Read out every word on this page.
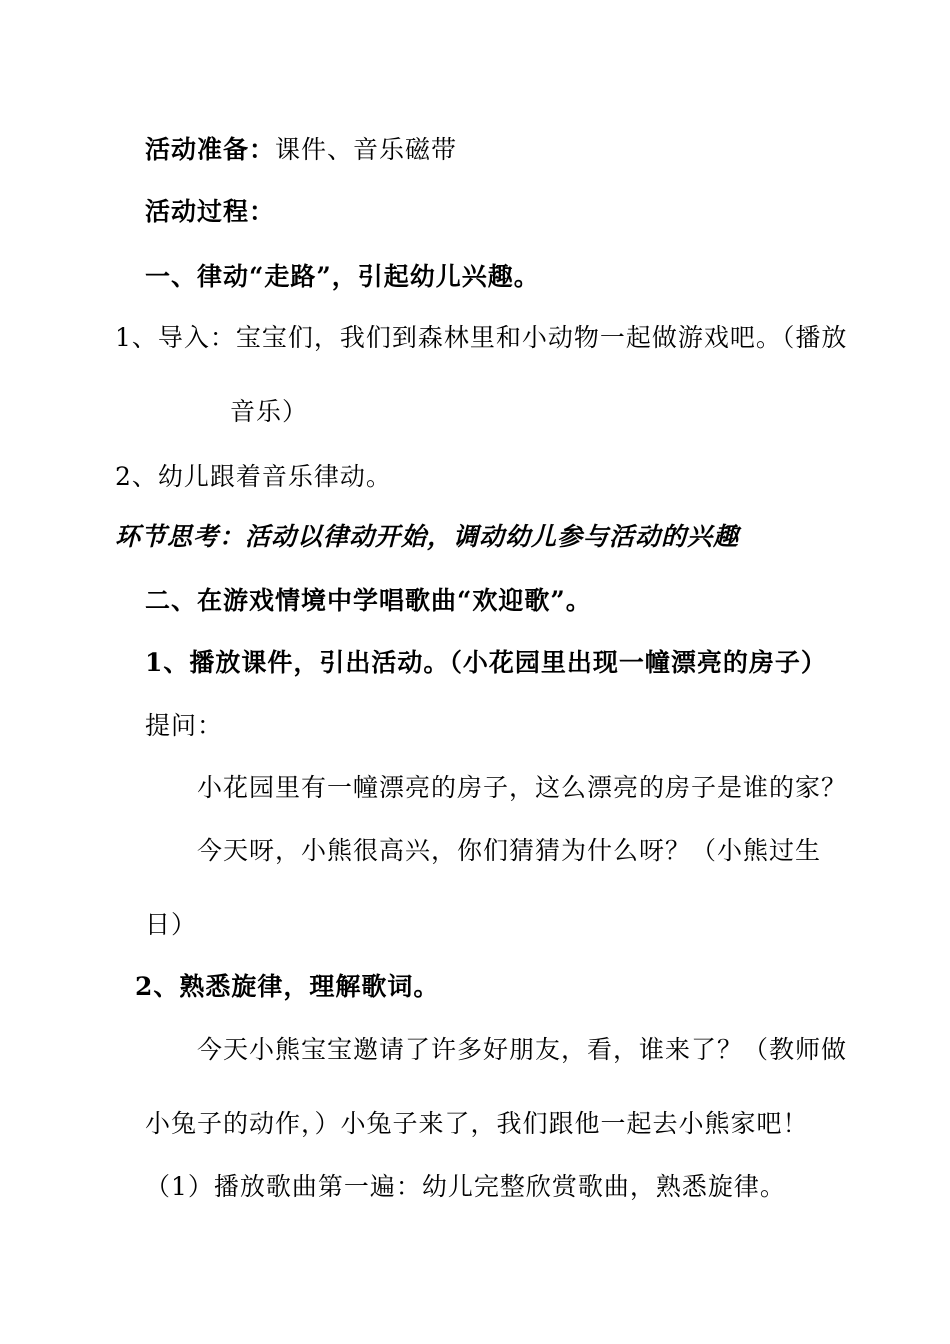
活动准备：课件、音乐磁带
活动过程：
一、律动“走路”，引起幼儿兴趣。
1、导入：宝宝们，我们到森林里和小动物一起做游戏吧。（播放
音乐）
2、幼儿跟着音乐律动。
环节思考：活动以律动开始，调动幼儿参与活动的兴趣
二、在游戏情境中学唱歌曲“欢迎歌”。
1、播放课件，引出活动。（小花园里出现一幢漂亮的房子）
提问：
小花园里有一幢漂亮的房子，这么漂亮的房子是谁的家？
今天呀，小熊很高兴，你们猜猜为什么呀？（小熊过生
日）
2、熟悉旋律，理解歌词。
今天小熊宝宝邀请了许多好朋友，看，谁来了？（教师做
小兔子的动作，）小兔子来了，我们跟他一起去小熊家吧！
（1）播放歌曲第一遍：幼儿完整欣赏歌曲，熟悉旋律。
